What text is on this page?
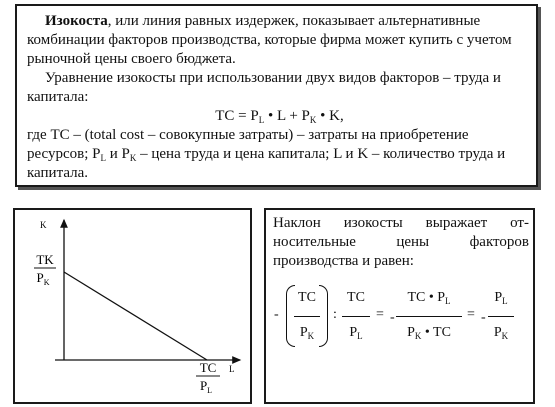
Изокоста, или линия равных издержек, показывает альтернативные комбинации факторов производства, которые фирма может купить с учетом рыночной цены своего бюджета.

Уравнение изокосты при использовании двух видов факторов – труда и капитала:

TC = $P_L$ • $L + P_K$ • K,

где TC – (total cost – совокупные затраты) – затраты на приобретение ресурсов; $P_L$ и $P_K$ – цена труда и цена капитала; L и K – количество труда и капитала.

K
L
TK
$P_K$
TC
$P_L$
Наклон изокосты выражает от-
носительные цены факторов
производства и равен:
-
TC
$P_K$
:
TC
$P_L$
= -
TC • $P_L$
$P_K$ • TC
= -
$P_L$
$P_K$
